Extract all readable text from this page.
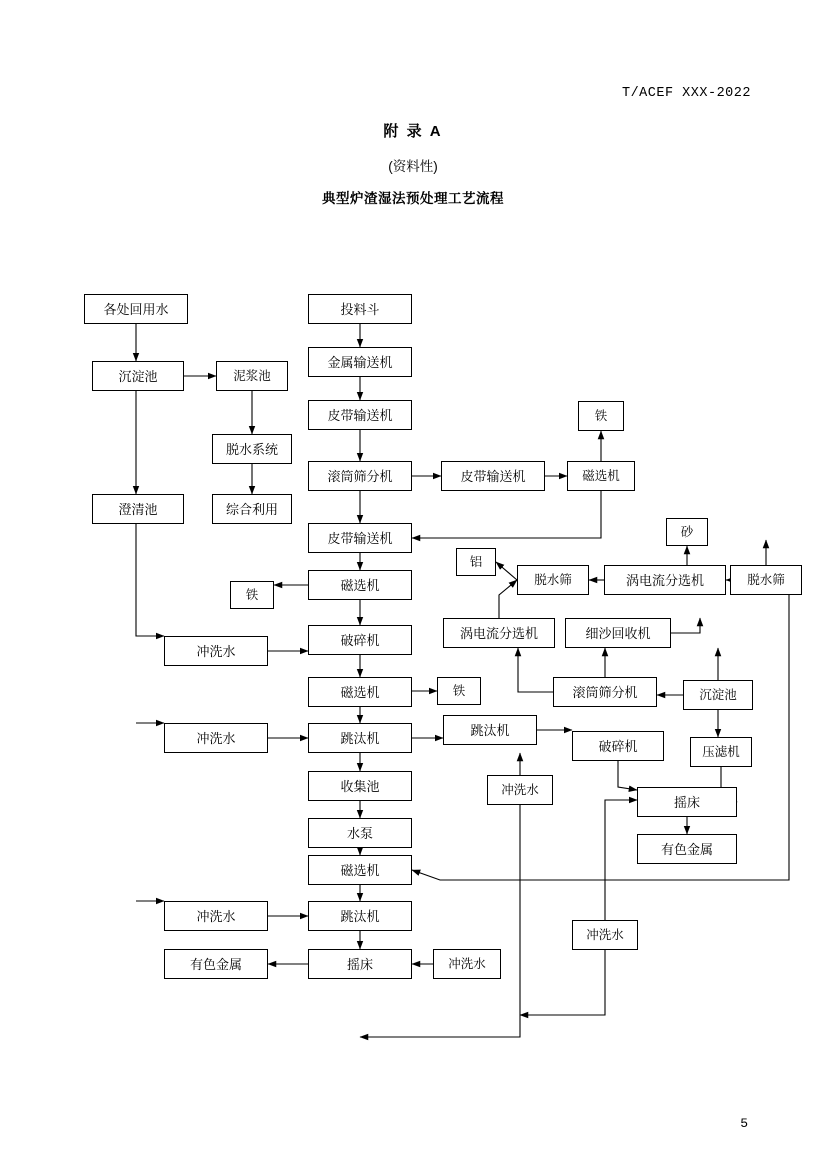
T/ACEF XXX-2022
附 录 A
(资料性)
典型炉渣湿法预处理工艺流程
各处回用水
沉淀池	泥浆池
脱水系统
综合利用
澄清池
投料斗
金属输送机
皮带输送机
滚筒筛分机	皮带输送机	磁选机
铁
皮带输送机
磁选机
铁
铝
脱水筛	涡电流分选机	脱水筛
砂
破碎机
冲洗水
涡电流分选机	细沙回收机
磁选机	铁	滚筒筛分机	沉淀池
跳汰机
冲洗水
跳汰机
破碎机	压滤机
收集池	冲洗水
摇床
水泵
有色金属
磁选机
冲洗水	跳汰机
冲洗水
有色金属	摇床	冲洗水
5
